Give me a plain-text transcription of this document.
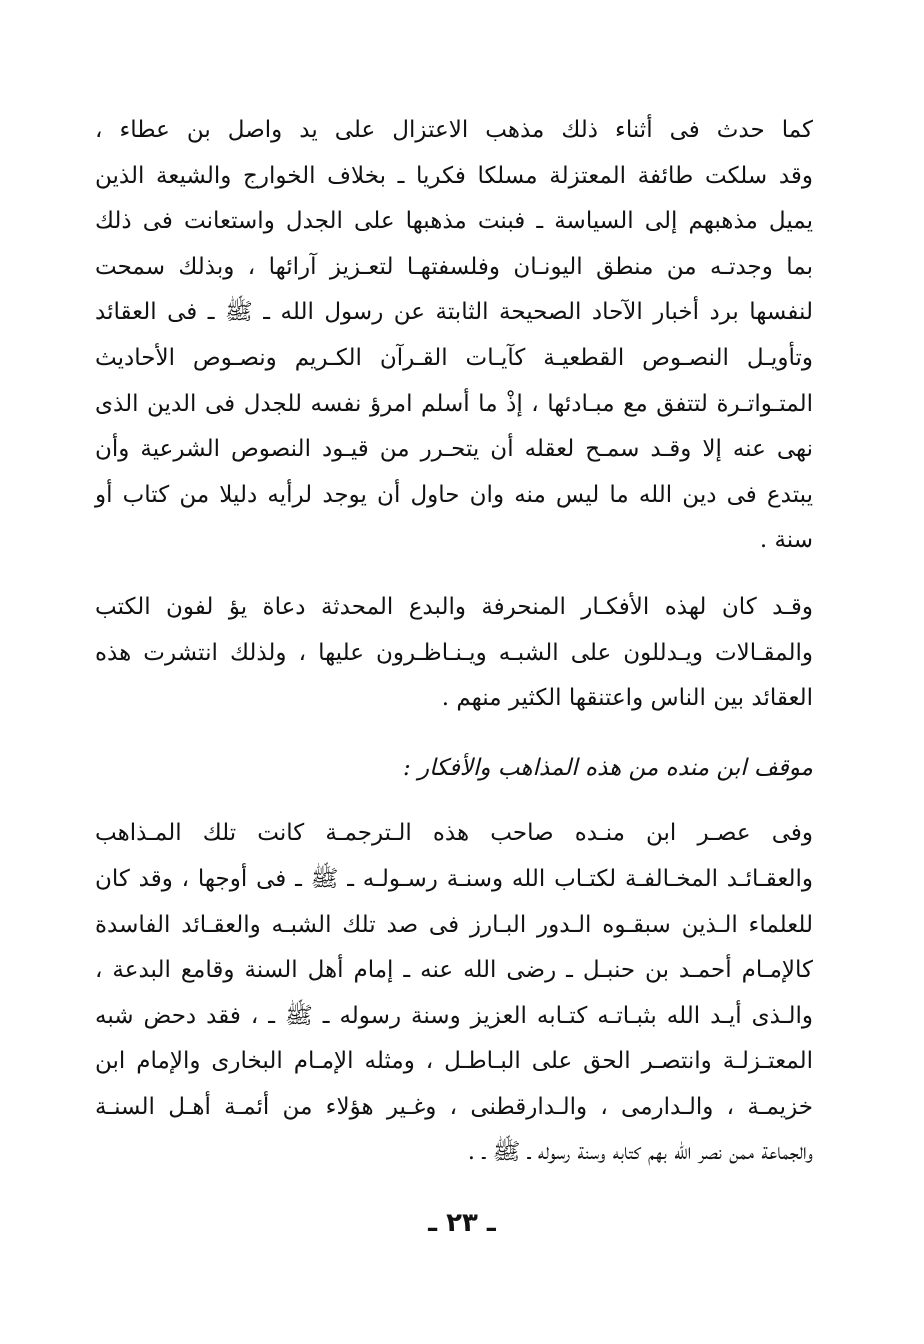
كما حدث فى أثناء ذلك مذهب الاعتزال على يد واصل بن عطاء ،
وقد سلكت طائفة المعتزلة مسلكا فكريا ـ بخلاف الخوارج والشيعة الذين
يميل مذهبهم إلى السياسة ـ فبنت مذهبها على الجدل واستعانت فى ذلك
بما وجدتـه من منطق اليونـان وفلسفتهـا لتعـزيز آرائها ، وبذلك سمحت
لنفسها برد أخبار الآحاد الصحيحة الثابتة عن رسول الله ـ ﷺ ـ فى العقائد
وتأويـل النصـوص القطعيـة كآيـات القـرآن الكـريم ونصـوص الأحاديث
المتـواتـرة لتتفق مع مبـادئها ، إذْ ما أسلم امرؤ نفسه للجدل فى الدين الذى
نهى عنه إلا وقـد سمـح لعقله أن يتحـرر من قيـود النصوص الشرعية وأن
يبتدع فى دين الله ما ليس منه وان حاول أن يوجد لرأيه دليلا من كتاب أو
سنة .
وقـد كان لهذه الأفكـار المنحرفة والبدع المحدثة دعاة يؤ لفون الكتب
والمقـالات ويـدللون على الشبـه ويـنـاظـرون عليها ، ولذلك انتشرت هذه
العقائد بين الناس واعتنقها الكثير منهم .
موقف ابن منده من هذه المذاهب والأفكار :
وفى عصـر ابن منـده صاحب هذه الـترجمـة كانت تلك المـذاهب
والعقـائـد المخـالفـة لكتـاب الله وسنـة رسـولـه ـ ﷺ ـ فى أوجها ، وقد كان
للعلماء الـذين سبقـوه الـدور البـارز فى صد تلك الشبـه والعقـائد الفاسدة
كالإمـام أحمـد بن حنبـل ـ رضى الله عنه ـ إمام أهل السنة وقامع البدعة ،
والـذى أيـد الله بثبـاتـه كتـابه العزيز وسنة رسوله ـ ﷺ ـ ، فقد دحض شبه
المعتـزلـة وانتصـر الحق على البـاطـل ، ومثله الإمـام البخارى والإمام ابن
خزيمـة ، والـدارمى ، والـدارقطنى ، وغـير هؤلاء من أئمـة أهـل السنـة
والجماعة ممن نصر الله بهم كتابه وسنة رسوله ـ ﷺ ـ .
ـ ٢٣ ـ
